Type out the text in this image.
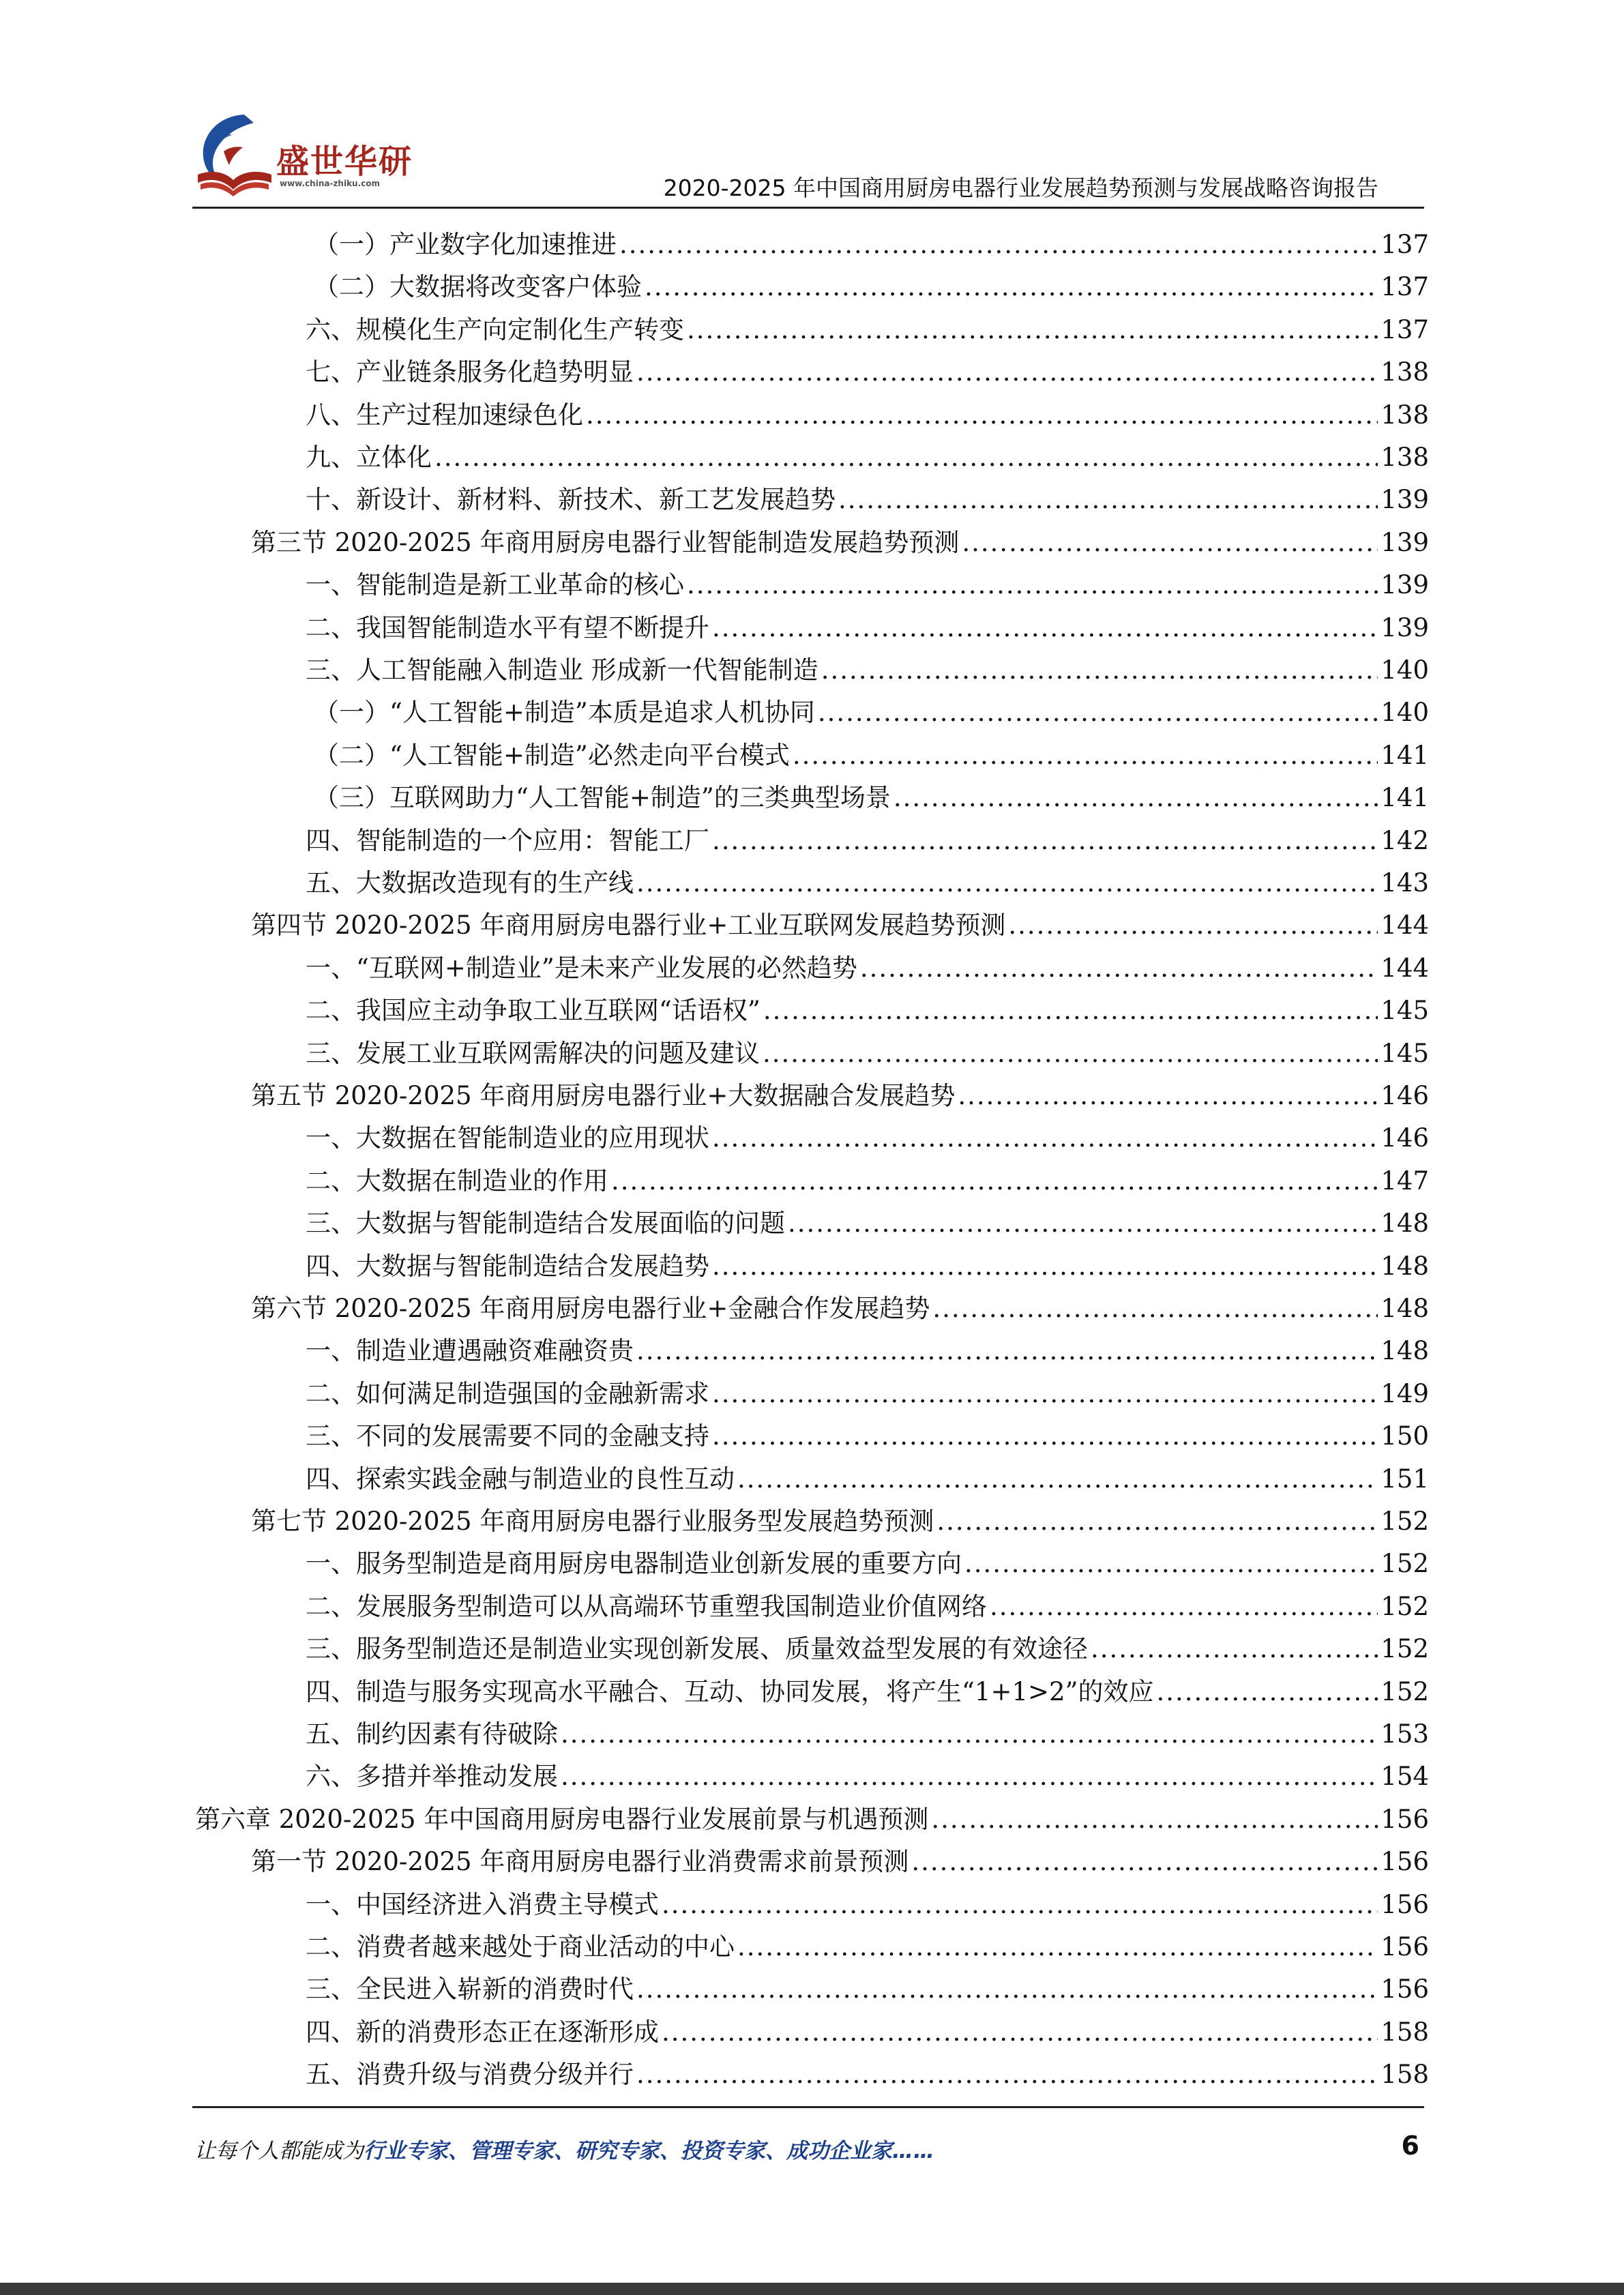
盛世华研
www.china-zhiku.com	2020-2025 年中国商用厨房电器行业发展趋势预测与发展战略咨询报告
（一）产业数字化加速推进 .....	137
（二）大数据将改变客户体验 .....	137
六、规模化生产向定制化生产转变 .....	137
七、产业链条服务化趋势明显 .....	138
八、生产过程加速绿色化 .....	138
九、立体化 .....	138
十、新设计、新材料、新技术、新工艺发展趋势 .....	139
第三节 2020-2025 年商用厨房电器行业智能制造发展趋势预测 .....	139
一、智能制造是新工业革命的核心 .....	139
二、我国智能制造水平有望不断提升 .....	139
三、人工智能融入制造业 形成新一代智能制造 .....	140
（一）“人工智能+制造”本质是追求人机协同 .....	140
（二）“人工智能+制造”必然走向平台模式 .....	141
（三）互联网助力“人工智能+制造”的三类典型场景 .....	141
四、智能制造的一个应用：智能工厂 .....	142
五、大数据改造现有的生产线 .....	143
第四节 2020-2025 年商用厨房电器行业+工业互联网发展趋势预测 .....	144
一、“互联网+制造业”是未来产业发展的必然趋势 .....	144
二、我国应主动争取工业互联网“话语权” .....	145
三、发展工业互联网需解决的问题及建议 .....	145
第五节 2020-2025 年商用厨房电器行业+大数据融合发展趋势 .....	146
一、大数据在智能制造业的应用现状 .....	146
二、大数据在制造业的作用 .....	147
三、大数据与智能制造结合发展面临的问题 .....	148
四、大数据与智能制造结合发展趋势 .....	148
第六节 2020-2025 年商用厨房电器行业+金融合作发展趋势 .....	148
一、制造业遭遇融资难融资贵 .....	148
二、如何满足制造强国的金融新需求 .....	149
三、不同的发展需要不同的金融支持 .....	150
四、探索实践金融与制造业的良性互动 .....	151
第七节 2020-2025 年商用厨房电器行业服务型发展趋势预测 .....	152
一、服务型制造是商用厨房电器制造业创新发展的重要方向 .....	152
二、发展服务型制造可以从高端环节重塑我国制造业价值网络 .....	152
三、服务型制造还是制造业实现创新发展、质量效益型发展的有效途径 .....	152
四、制造与服务实现高水平融合、互动、协同发展，将产生“1+1>2”的效应 .....	152
五、制约因素有待破除 .....	153
六、多措并举推动发展 .....	154
第六章 2020-2025 年中国商用厨房电器行业发展前景与机遇预测 .....	156
第一节 2020-2025 年商用厨房电器行业消费需求前景预测 .....	156
一、中国经济进入消费主导模式 .....	156
二、消费者越来越处于商业活动的中心 .....	156
三、全民进入崭新的消费时代 .....	156
四、新的消费形态正在逐渐形成 .....	158
五、消费升级与消费分级并行 .....	158
让每个人都能成为行业专家、管理专家、研究专家、投资专家、成功企业家……	6
